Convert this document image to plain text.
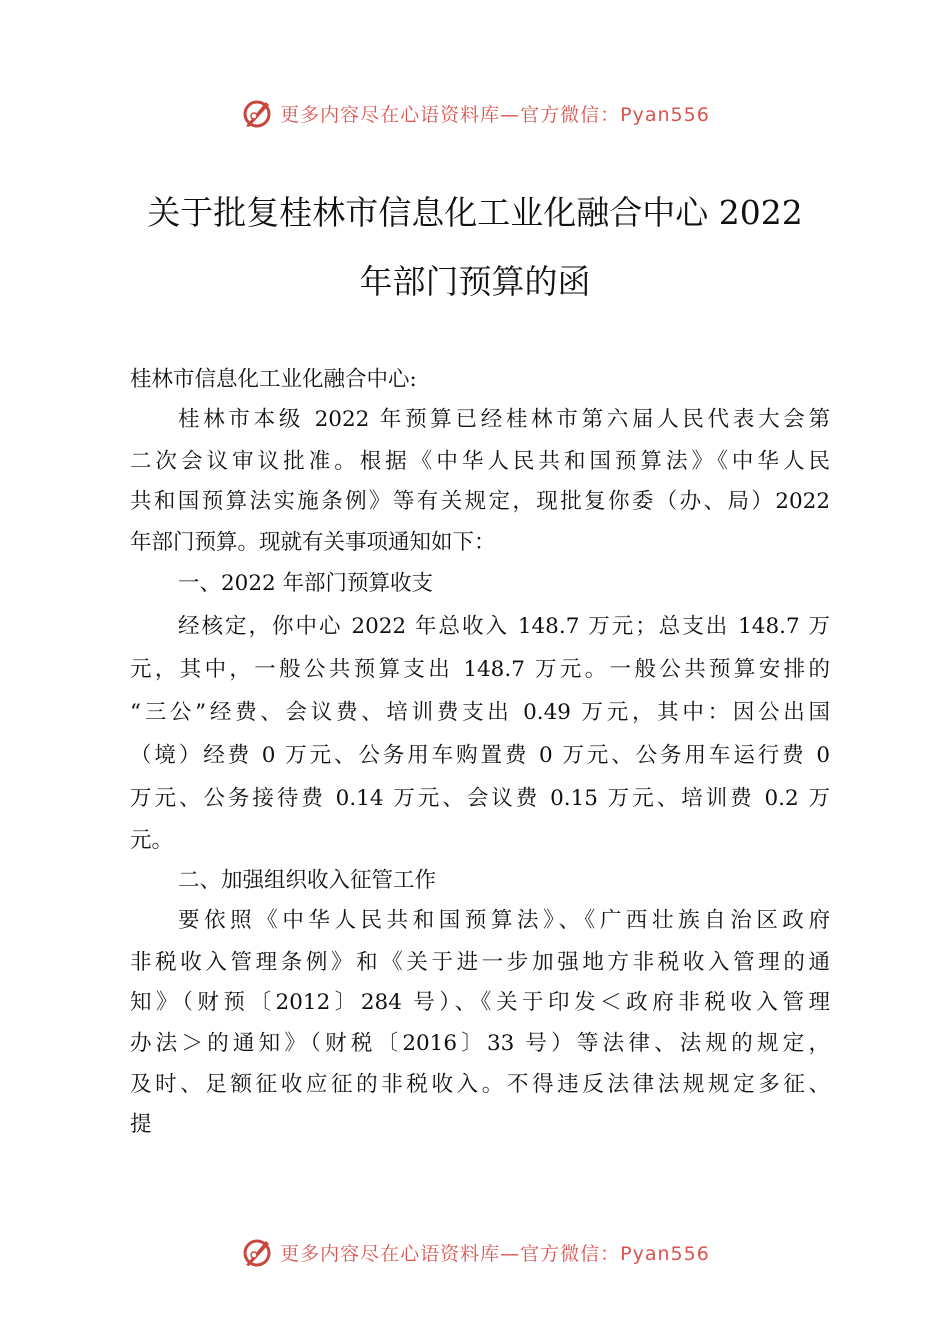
更多内容尽在心语资料库—官方微信：Pyan556
关于批复桂林市信息化工业化融合中心 2022
年部门预算的函
桂林市信息化工业化融合中心:
桂林市本级 2022 年预算已经桂林市第六届人民代表大会第
二次会议审议批准。根据《中华人民共和国预算法》《中华人民
共和国预算法实施条例》等有关规定，现批复你委（办、局）2022
年部门预算。现就有关事项通知如下：
一、2022 年部门预算收支
经核定，你中心 2022 年总收入 148.7 万元；总支出 148.7 万
元，其中，一般公共预算支出 148.7 万元。一般公共预算安排的
“三公”经费、会议费、培训费支出 0.49 万元，其中：因公出国
（境）经费 0 万元、公务用车购置费 0 万元、公务用车运行费 0
万元、公务接待费 0.14 万元、会议费 0.15 万元、培训费 0.2 万
元。
二、加强组织收入征管工作
要依照《中华人民共和国预算法》、《广西壮族自治区政府
非税收入管理条例》和《关于进一步加强地方非税收入管理的通
知》（财预〔2012〕284 号）、《关于印发＜政府非税收入管理
办法＞的通知》（财税〔2016〕33 号）等法律、法规的规定，
及时、足额征收应征的非税收入。不得违反法律法规规定多征、
提
更多内容尽在心语资料库—官方微信：Pyan556
